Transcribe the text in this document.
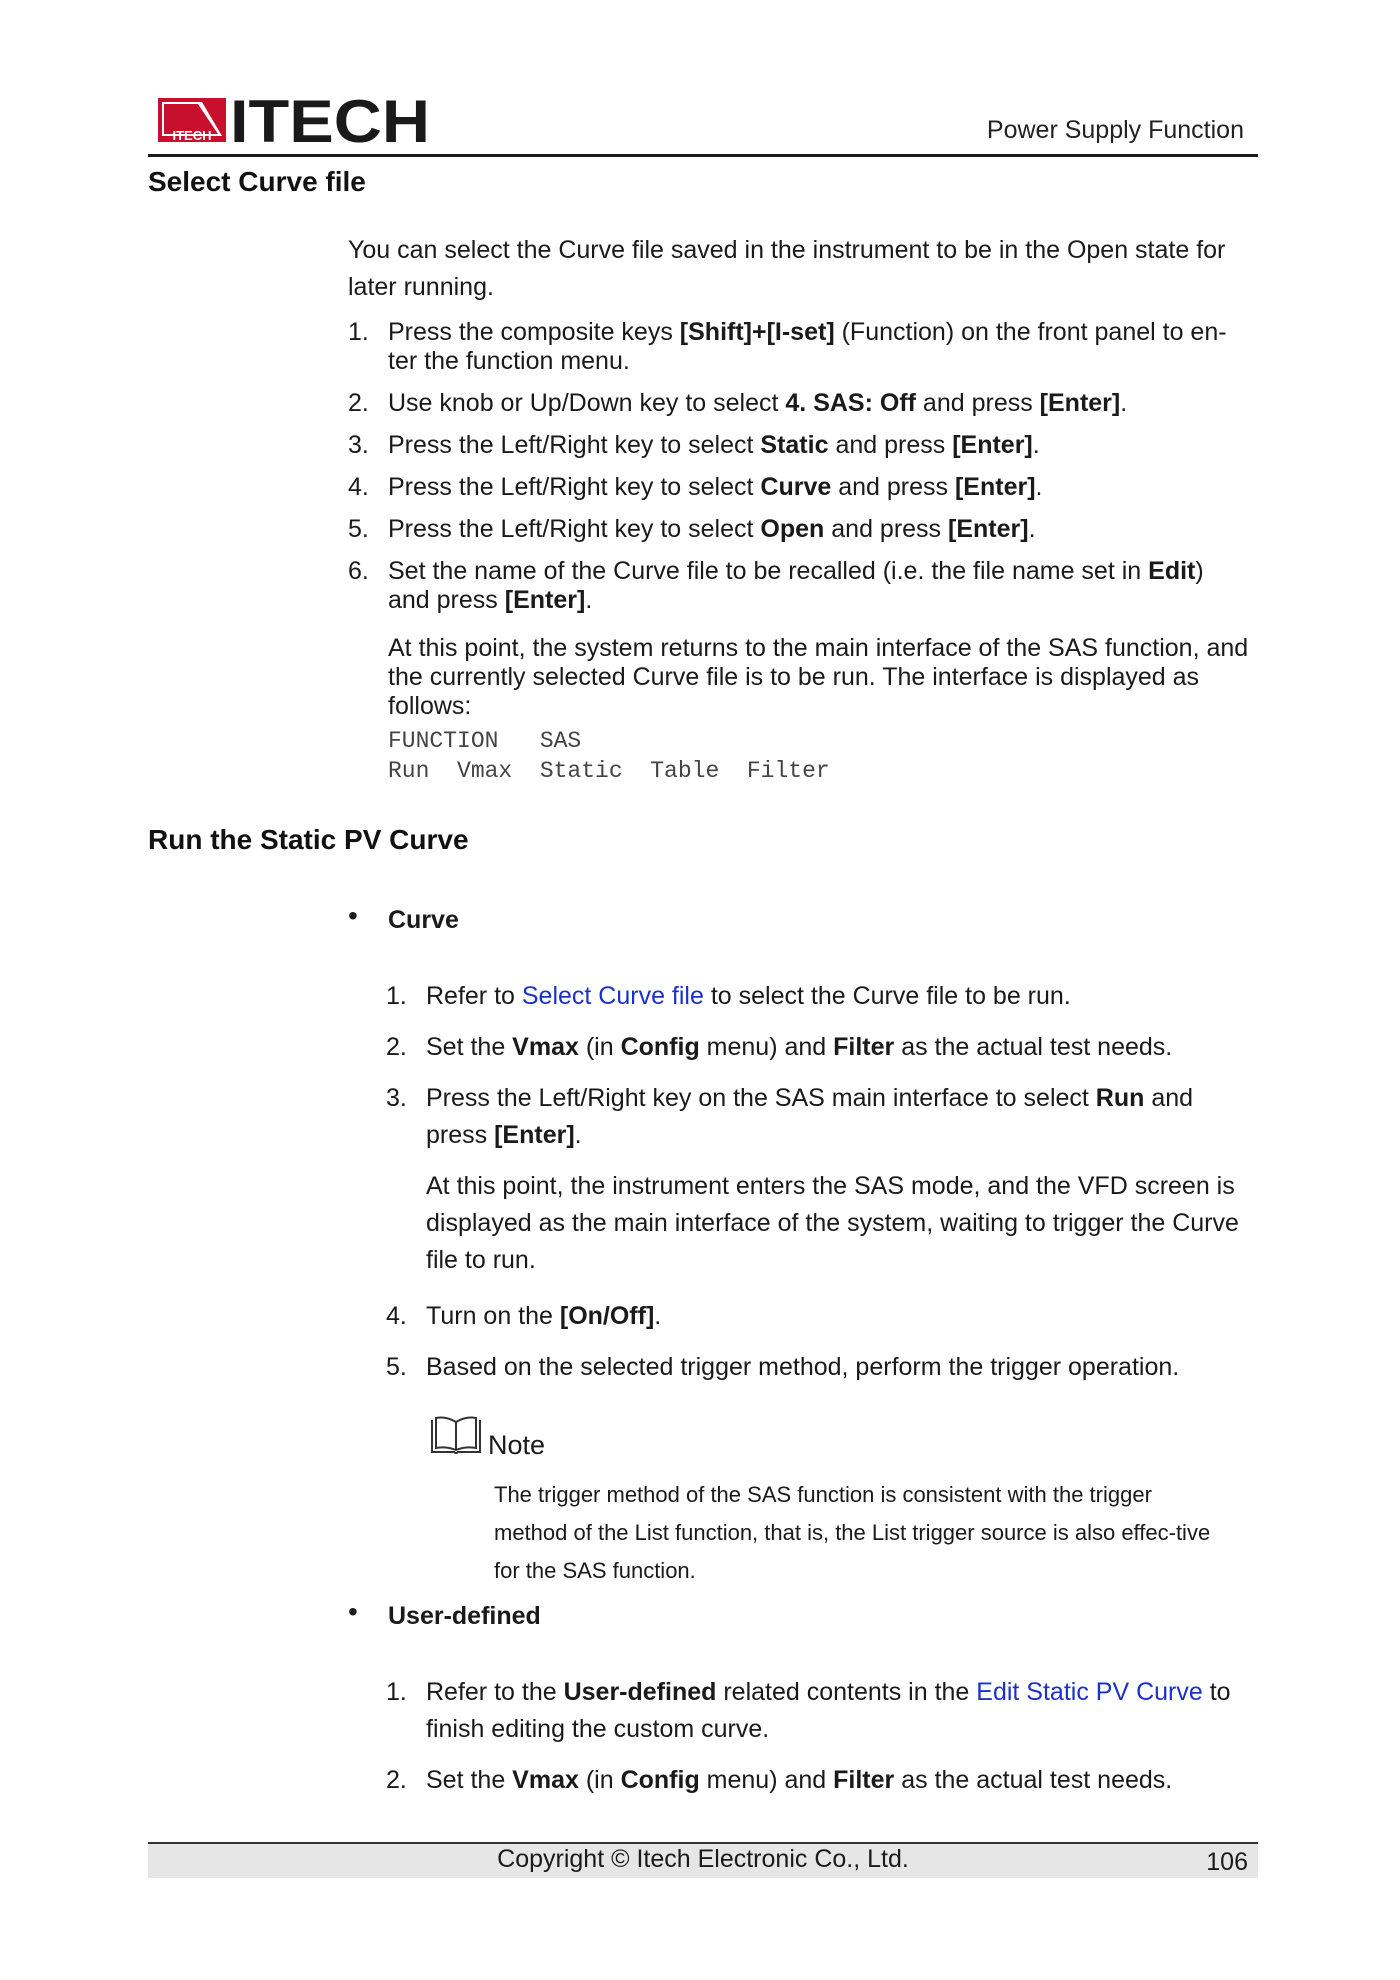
ITECH ITECH	Power Supply Function
Select Curve file
You can select the Curve file saved in the instrument to be in the Open state for later running.
1. Press the composite keys [Shift]+[I-set] (Function) on the front panel to en-
ter the function menu.
2. Use knob or Up/Down key to select 4. SAS: Off and press [Enter].
3. Press the Left/Right key to select Static and press [Enter].
4. Press the Left/Right key to select Curve and press [Enter].
5. Press the Left/Right key to select Open and press [Enter].
6. Set the name of the Curve file to be recalled (i.e. the file name set in Edit)
and press [Enter].
At this point, the system returns to the main interface of the SAS function, and the currently selected Curve file is to be run. The interface is displayed as follows:
FUNCTION   SAS
Run  Vmax  Static  Table  Filter
Run the Static PV Curve
• Curve
1. Refer to Select Curve file to select the Curve file to be run.
2. Set the Vmax (in Config menu) and Filter as the actual test needs.
3. Press the Left/Right key on the SAS main interface to select Run and
press [Enter].
At this point, the instrument enters the SAS mode, and the VFD screen is displayed as the main interface of the system, waiting to trigger the Curve file to run.
4. Turn on the [On/Off].
5. Based on the selected trigger method, perform the trigger operation.
Note
The trigger method of the SAS function is consistent with the trigger method of the List function, that is, the List trigger source is also effec-tive for the SAS function.
• User-defined
1. Refer to the User-defined related contents in the Edit Static PV Curve to
finish editing the custom curve.
2. Set the Vmax (in Config menu) and Filter as the actual test needs.
Copyright © Itech Electronic Co., Ltd.	106
